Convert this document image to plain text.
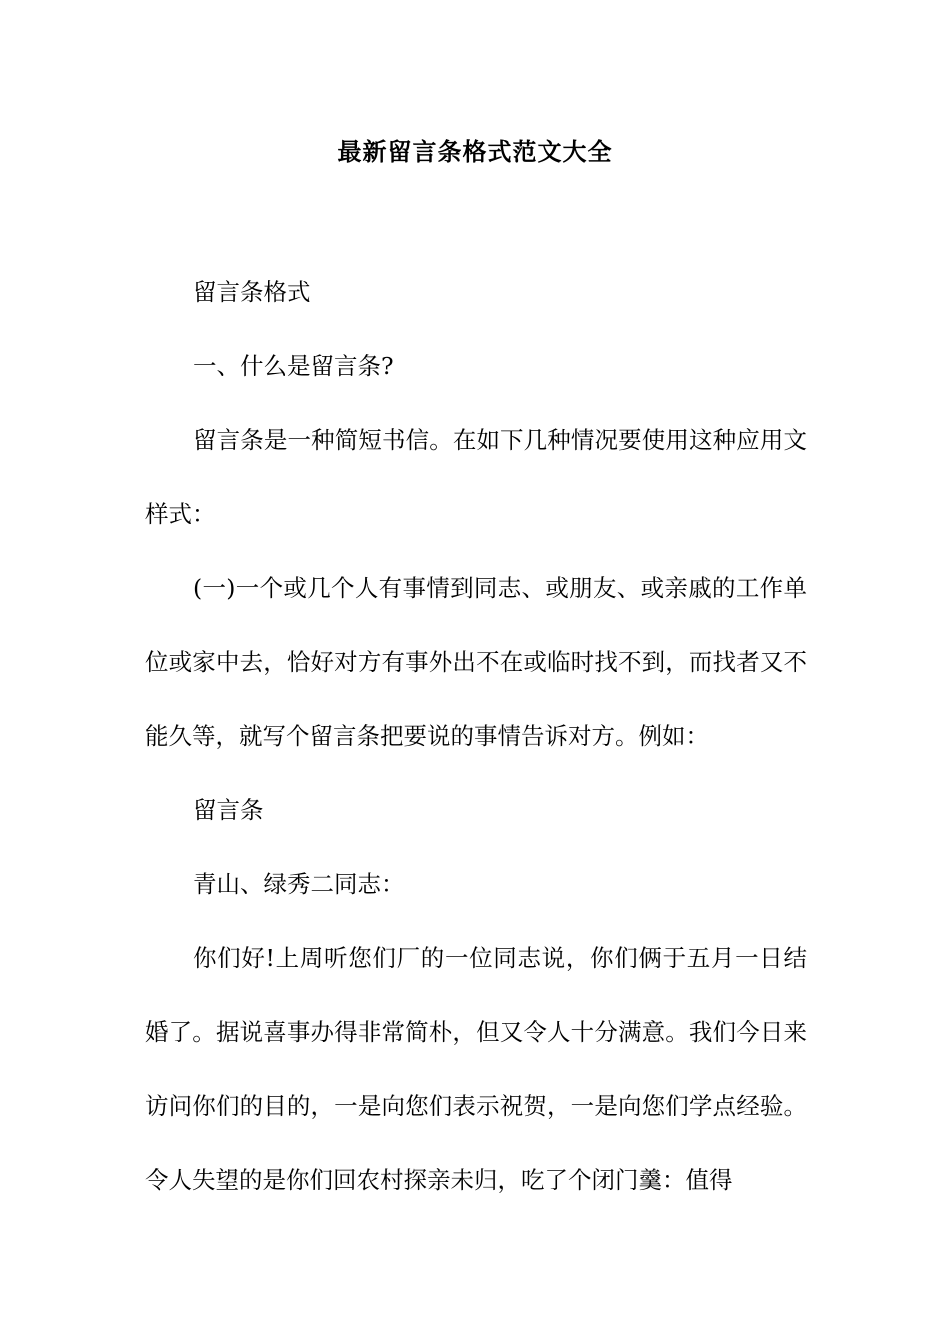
最新留言条格式范文大全

留言条格式

一、什么是留言条?

留言条是一种简短书信。在如下几种情况要使用这种应用文样式：

(一)一个或几个人有事情到同志、或朋友、或亲戚的工作单位或家中去，恰好对方有事外出不在或临时找不到，而找者又不能久等，就写个留言条把要说的事情告诉对方。例如：

留言条

青山、绿秀二同志：

你们好!上周听您们厂的一位同志说，你们俩于五月一日结婚了。据说喜事办得非常简朴，但又令人十分满意。我们今日来访问你们的目的，一是向您们表示祝贺，一是向您们学点经验。令人失望的是你们回农村探亲未归，吃了个闭门羹：值得
